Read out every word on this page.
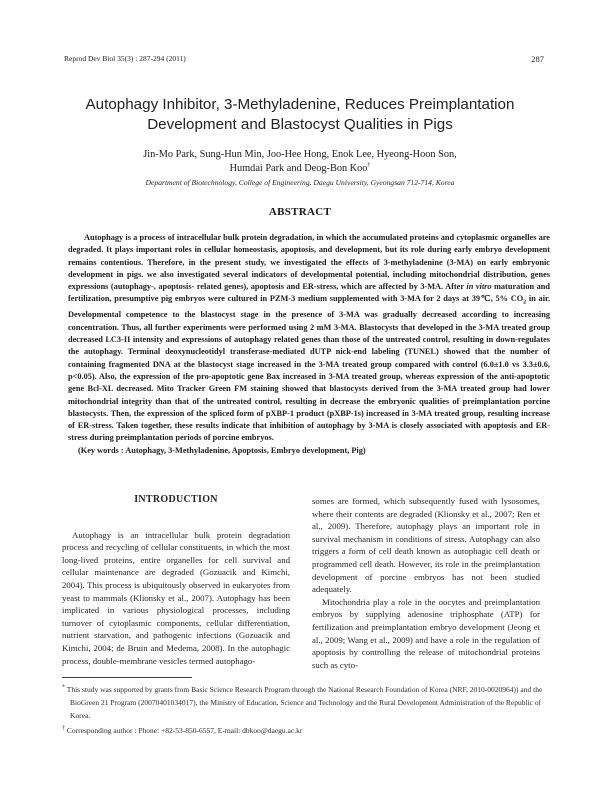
Reprod Dev Biol 35(3) : 287-294 (2011)	287
Autophagy Inhibitor, 3-Methyladenine, Reduces Preimplantation
Development and Blastocyst Qualities in Pigs
Jin-Mo Park, Sung-Hun Min, Joo-Hee Hong, Enok Lee, Hyeong-Hoon Son,
Humdai Park and Deog-Bon Koo†
Department of Biotechnology, College of Engineering, Daegu University, Gyeongsan 712-714, Korea
ABSTRACT

Autophagy is a process of intracellular bulk protein degradation, in which the accumulated proteins and cytoplasmic organelles are degraded. It plays important roles in cellular homeostasis, apoptosis, and development, but its role during early embryo development remains contentious. Therefore, in the present study, we investigated the effects of 3-methyladenine (3-MA) on early embryonic development in pigs. we also investigated several indicators of developmental potential, including mitochondrial distribution, genes expressions (autophagy-, apoptosis- related genes), apoptosis and ER-stress, which are affected by 3-MA. After in vitro maturation and fertilization, presumptive pig embryos were cultured in PZM-3 medium supplemented with 3-MA for 2 days at 39℃, 5% $CO_2$ in air. Developmental competence to the blastocyst stage in the presence of 3-MA was gradually decreased according to increasing concentration. Thus, all further experiments were performed using 2 mM 3-MA. Blastocysts that developed in the 3-MA treated group decreased LC3-II intensity and expressions of autophagy related genes than those of the untreated control, resulting in down-regulates the autophagy. Terminal deoxynucleotidyl transferase-mediated dUTP nick-end labeling (TUNEL) showed that the number of containing fragmented DNA at the blastocyst stage increased in the 3-MA treated group compared with control (6.0±1.0 vs 3.3±0.6, p<0.05). Also, the expression of the pro-apoptotic gene Bax increased in 3-MA treated group, whereas expression of the anti-apoptotic gene Bcl-XL decreased. Mito Tracker Green FM staining showed that blastocysts derived from the 3-MA treated group had lower mitochondrial integrity than that of the untreated control, resulting in decrease the embryonic qualities of preimplantation porcine blastocysts. Then, the expression of the spliced form of pXBP-1 product (pXBP-1s) increased in 3-MA treated group, resulting increase of ER-stress. Taken together, these results indicate that inhibition of autophagy by 3-MA is closely associated with apoptosis and ER-stress during preimplantation periods of porcine embryos.

(Key words : Autophagy, 3-Methyladenine, Apoptosis, Embryo development, Pig)

INTRODUCTION

Autophagy is an intracellular bulk protein degradation process and recycling of cellular constituents, in which the most long-lived proteins, entire organelles for cell survival and cellular maintenance are degraded (Gozuacik and Kimchi, 2004). This process is ubiquitously observed in eukaryotes from yeast to mammals (Klionsky et al., 2007). Autophagy has been implicated in various physiological processes, including turnover of cytoplasmic components, cellular differentiation, nutrient starvation, and pathogenic infections (Gozuacik and Kimchi, 2004; de Bruin and Medema, 2008). In the autophagic process, double-membrane vesicles termed autophago-

somes are formed, which subsequently fused with lysosomes, where their contents are degraded (Klionsky et al., 2007; Ren et al., 2009). Therefore, autophagy plays an important role in survival mechanism in conditions of stress. Autophagy can also triggers a form of cell death known as autophagic cell death or programmed cell death. However, its role in the preimplantation development of porcine embryos has not been studied adequately.

Mitochondria play a role in the oocytes and preimplantation embryos by supplying adenosine triphosphate (ATP) for fertilization and preimplantation embryo development (Jeong et al., 2009; Wang et al., 2009) and have a role in the regulation of apoptosis by controlling the release of mitochondrial proteins such as cyto-

* This study was supported by grants from Basic Science Research Program through the National Research Foundation of Korea (NRF, 2010-0020964)) and the BioGreen 21 Program (20070401034017), the Ministry of Education, Science and Technology and the Rural Development Administration of the Republic of Korea.

† Corresponding author : Phone: +82-53-850-6557, E-mail: dbkoo@daegu.ac.kr
